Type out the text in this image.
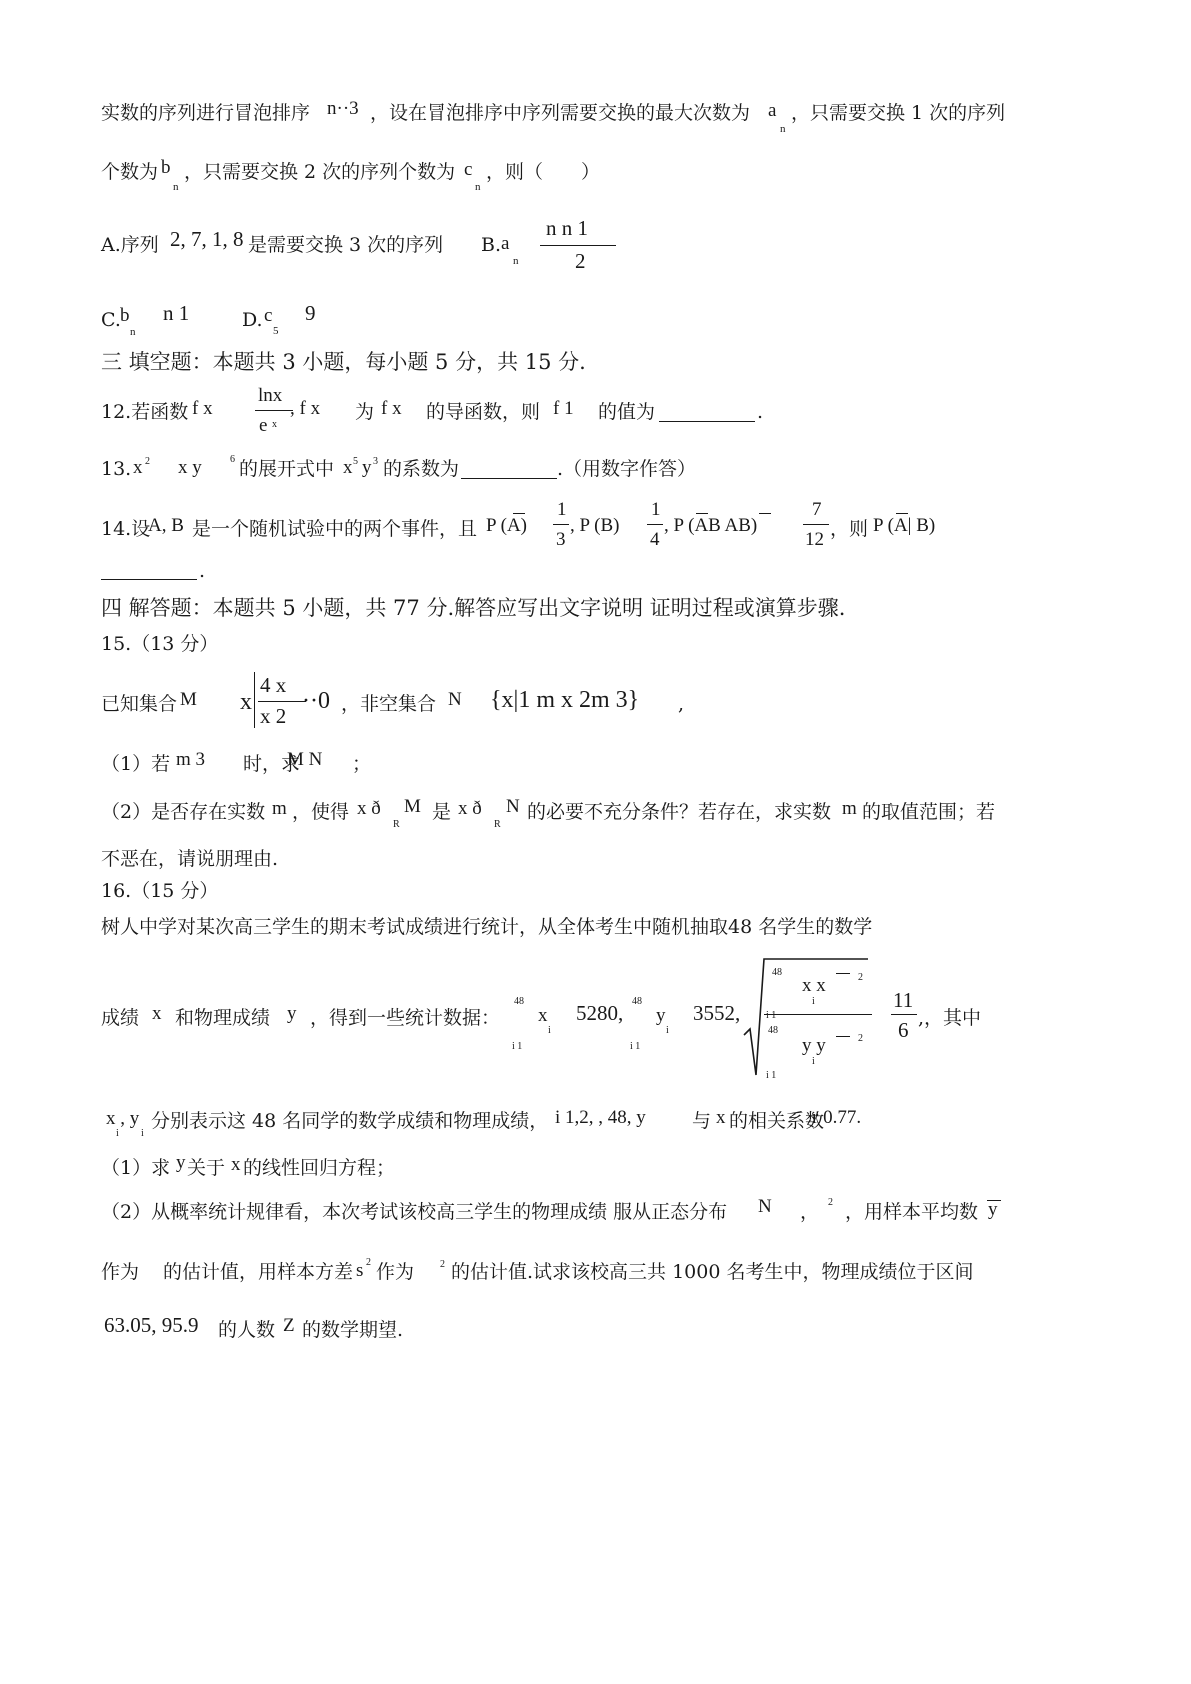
实数的序列进行冒泡排序 n··3 ，设在冒泡排序中序列需要交换的最大次数为 a
n
，只需要交换 1 次的序列
个数为 b
n
，只需要交换 2 次的序列个数为 c
n
，则（　　）
A.序列 2, 7, 1, 8 是需要交换 3 次的序列 B. a
n
n n 1
2
C. b
n
n 1	D. c
5
9
三 填空题：本题共 3 小题，每小题 5 分，共 15 分.
12.若函数 f x
lnx
e x
, f x 为 f x 的导函数，则 f 1 的值为	.
13. x 2 x y	6 的展开式中 x 5 y 3 的系数为	.（用数字作答）
14.设
A, B 是一个随机试验中的两个事件，且 P (A)
1
3
, P (B)
1
4
, P (AB AB)
7
12 ，则 P (A| B)
.
四 解答题：本题共 5 小题，共 77 分.解答应写出文字说明 证明过程或演算步骤.
15.（13 分）
已知集合 M x
4 x
x 2
··0 ，非空集合 N {x|1 m x 2m 3} ,
（1）若 m 3 时，求
M N ；
（2）是否存在实数 m ，使得 x ð
R
M 是 x ð
R
N 的必要不充分条件？若存在，求实数 m 的取值范围；若
不恶在，请说朋理由.
16.（15 分）
树人中学对某次高三学生的期末考试成绩进行统计，从全体考生中随机抽取48 名学生的数学
成绩 x 和物理成绩 y ，得到一些统计数据：
48
i 1
x
i
5280, 48
i 1
y
i
3552,
48
i 1
x x
i
2
48
i 1
y y
i
2
11
6 ,，其中
x , y
i i
分别表示这 48 名同学的数学成绩和物理成绩， i 1,2, , 48, y 与 x 的相关系数
r 0.77.
（1）求 y 关于 x 的线性回归方程；
（2）从概率统计规律看，本次考试该校高三学生的物理成绩 服从正态分布 N ， 2 ，用样本平均数 y
作为 的估计值，用样本方差 s 2 作为	2 的估计值.试求该校高三共 1000 名考生中，物理成绩位于区间
63.05, 95.9 的人数 Z 的数学期望.
